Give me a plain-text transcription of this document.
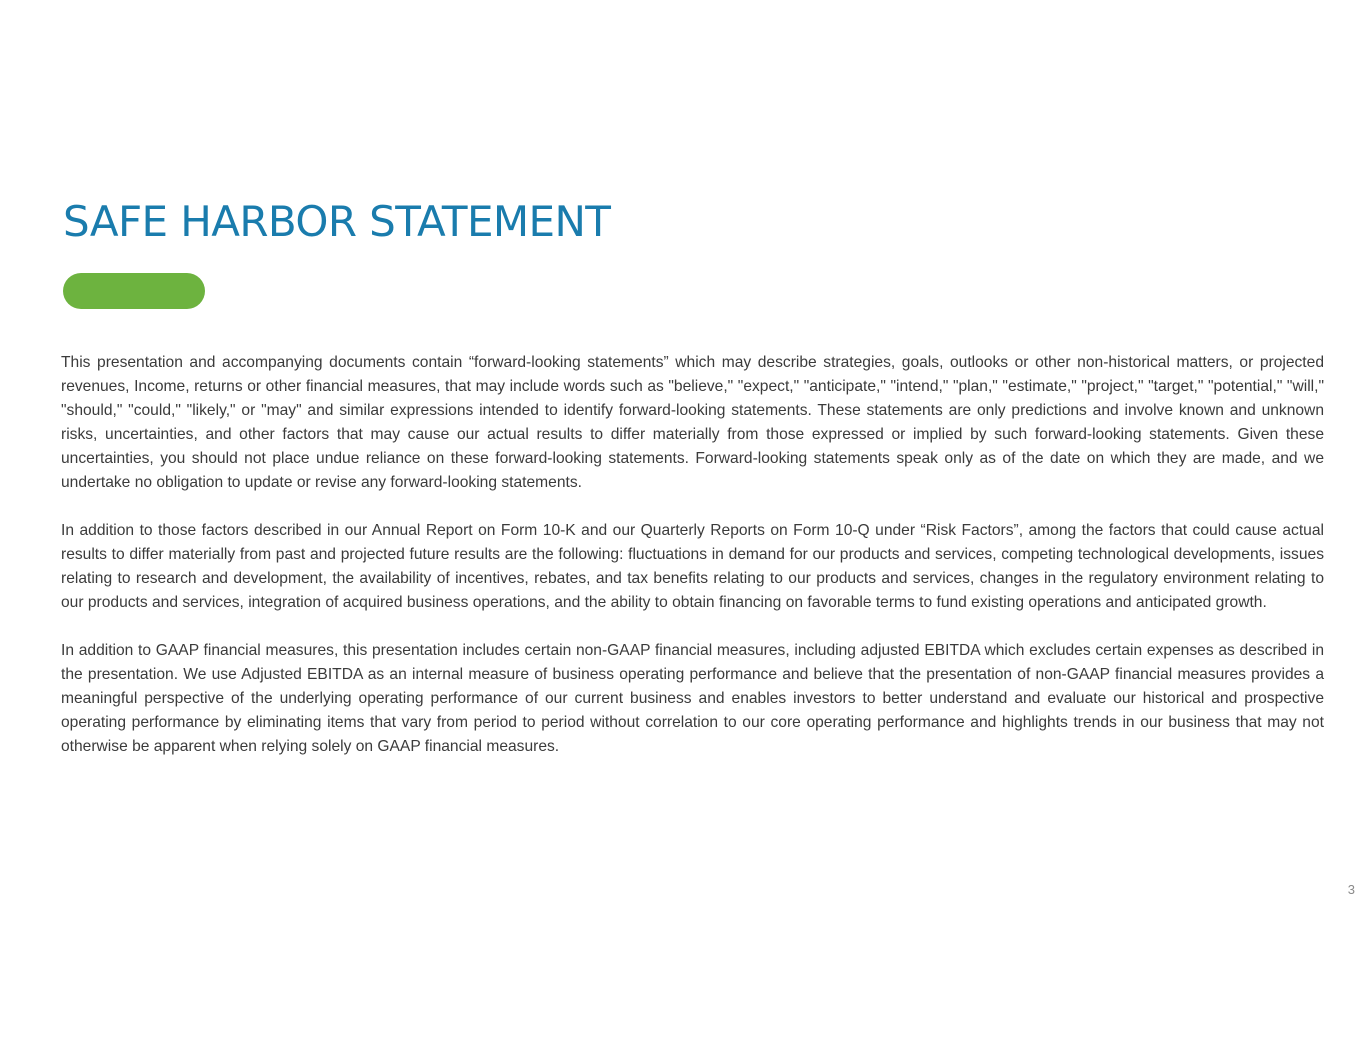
SAFE HARBOR STATEMENT

This presentation and accompanying documents contain “forward-looking statements” which may describe strategies, goals, outlooks or other non-historical matters, or projected revenues, Income, returns or other financial measures, that may include words such as "believe," "expect," "anticipate," "intend," "plan," "estimate," "project," "target," "potential," "will," "should," "could," "likely," or "may" and similar expressions intended to identify forward-looking statements. These statements are only predictions and involve known and unknown risks, uncertainties, and other factors that may cause our actual results to differ materially from those expressed or implied by such forward-looking statements. Given these uncertainties, you should not place undue reliance on these forward-looking statements. Forward-looking statements speak only as of the date on which they are made, and we undertake no obligation to update or revise any forward-looking statements.

In addition to those factors described in our Annual Report on Form 10-K and our Quarterly Reports on Form 10-Q under “Risk Factors”, among the factors that could cause actual results to differ materially from past and projected future results are the following: fluctuations in demand for our products and services, competing technological developments, issues relating to research and development, the availability of incentives, rebates, and tax benefits relating to our products and services, changes in the regulatory environment relating to our products and services, integration of acquired business operations, and the ability to obtain financing on favorable terms to fund existing operations and anticipated growth.

In addition to GAAP financial measures, this presentation includes certain non-GAAP financial measures, including adjusted EBITDA which excludes certain expenses as described in the presentation. We use Adjusted EBITDA as an internal measure of business operating performance and believe that the presentation of non-GAAP financial measures provides a meaningful perspective of the underlying operating performance of our current business and enables investors to better understand and evaluate our historical and prospective operating performance by eliminating items that vary from period to period without correlation to our core operating performance and highlights trends in our business that may not otherwise be apparent when relying solely on GAAP financial measures.

3
